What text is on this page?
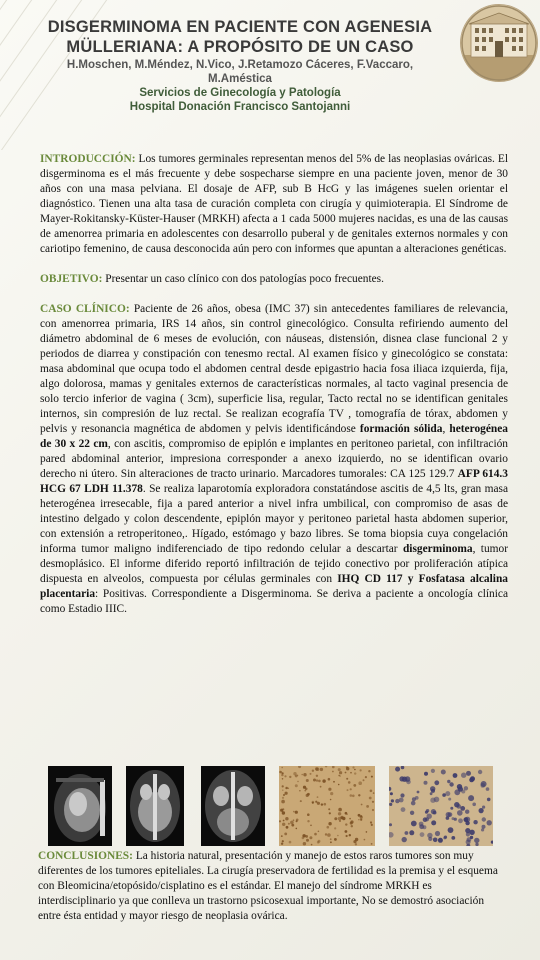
DISGERMINOMA EN PACIENTE CON AGENESIA
MÜLLERIANA: A PROPÓSITO DE UN CASO
H.Moschen, M.Méndez, N.Vico, J.Retamozo Cáceres, F.Vaccaro,
M.Améstica
Servicios de Ginecología y Patología
Hospital Donación Francisco Santojanni

INTRODUCCIÓN: Los tumores germinales representan menos del 5% de las neoplasias ováricas. El disgerminoma es el más frecuente y debe sospecharse siempre en una paciente joven, menor de 30 años con una masa pelviana. El dosaje de AFP, sub B HcG y las imágenes suelen orientar el diagnóstico. Tienen una alta tasa de curación completa con cirugía y quimioterapia. El Síndrome de Mayer-Rokitansky-Küster-Hauser (MRKH) afecta a 1 cada 5000 mujeres nacidas, es una de las causas de amenorrea primaria en adolescentes con desarrollo puberal y de genitales externos normales y con cariotipo femenino, de causa desconocida aún pero con informes que apuntan a alteraciones genéticas.

OBJETIVO: Presentar un caso clínico con dos patologías poco frecuentes.

CASO CLÍNICO: Paciente de 26 años, obesa (IMC 37) sin antecedentes familiares de relevancia, con amenorrea primaria, IRS 14 años, sin control ginecológico. Consulta refiriendo aumento del diámetro abdominal de 6 meses de evolución, con náuseas, distensión, disnea clase funcional 2 y periodos de diarrea y constipación con tenesmo rectal. Al examen físico y ginecológico se constata: masa abdominal que ocupa todo el abdomen central desde epigastrio hacia fosa iliaca izquierda, fija, algo dolorosa, mamas y genitales externos de características normales, al tacto vaginal presencia de solo tercio inferior de vagina ( 3cm), superficie lisa, regular, Tacto rectal no se identifican genitales internos, sin compresión de luz rectal. Se realizan ecografía TV , tomografía de tórax, abdomen y pelvis y resonancia magnética de abdomen y pelvis identificándose formación sólida, heterogénea de 30 x 22 cm, con ascitis, compromiso de epiplón e implantes en peritoneo parietal, con infiltración pared abdominal anterior, impresiona corresponder a anexo izquierdo, no se identifican ovario derecho ni útero. Sin alteraciones de tracto urinario. Marcadores tumorales: CA 125 129.7 AFP 614.3 HCG 67 LDH 11.378. Se realiza laparotomía exploradora constatándose ascitis de 4,5 lts, gran masa heterogénea irresecable, fija a pared anterior a nivel infra umbilical, con compromiso de asas de intestino delgado y colon descendente, epiplón mayor y peritoneo parietal hasta abdomen superior, con extensión a retroperitoneo,. Hígado, estómago y bazo libres. Se toma biopsia cuya congelación informa tumor maligno indiferenciado de tipo redondo celular a descartar disgerminoma, tumor desmoplásico. El informe diferido reportó infiltración de tejido conectivo por proliferación atípica dispuesta en alveolos, compuesta por células germinales con IHQ CD 117 y Fosfatasa alcalina placentaria: Positivas. Correspondiente a Disgerminoma. Se deriva a paciente a oncología clínica como Estadio IIIC.

CONCLUSIONES: La historia natural, presentación y manejo de estos raros tumores son muy diferentes de los tumores epiteliales. La cirugía preservadora de fertilidad es la premisa y el esquema con Bleomicina/etopósido/cisplatino es el estándar. El manejo del síndrome MRKH es interdisciplinario ya que conlleva un trastorno psicosexual importante, No se demostró asociación entre ésta entidad y mayor riesgo de neoplasia ovárica.
